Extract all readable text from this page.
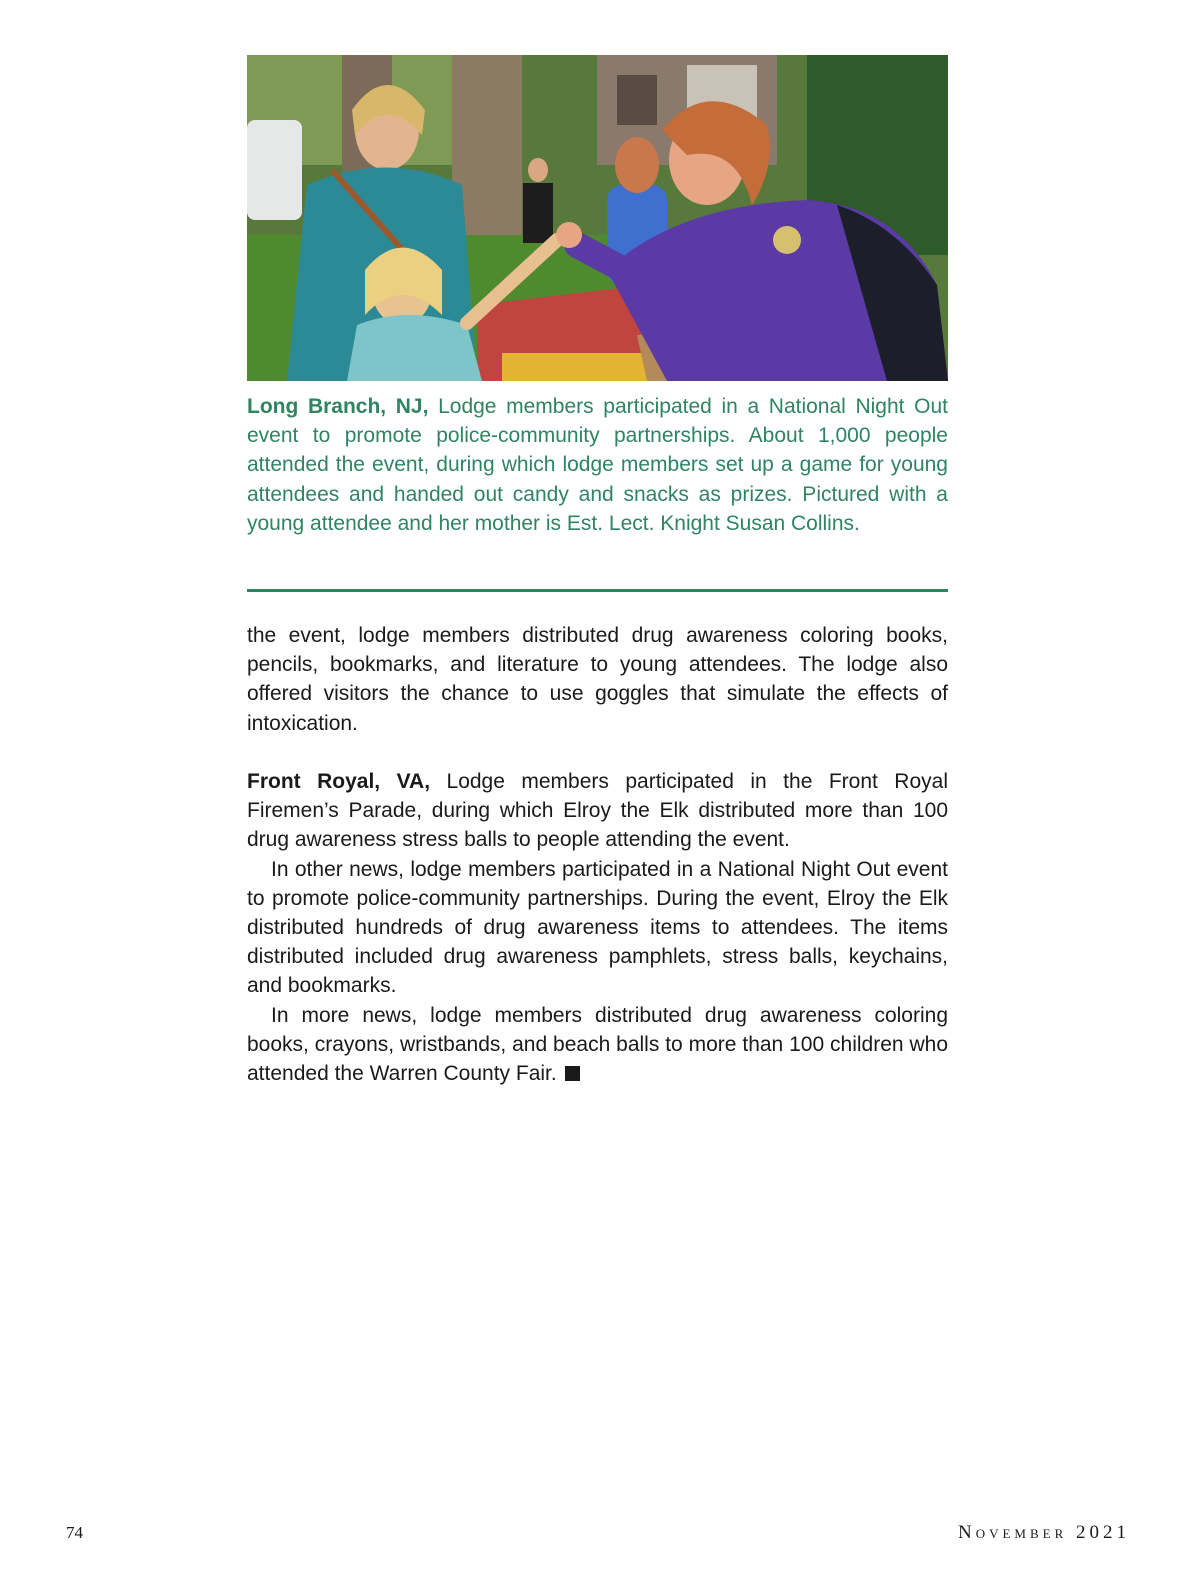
Long Branch, NJ, Lodge members participated in a National Night Out event to promote police-community partnerships. About 1,000 people attended the event, during which lodge members set up a game for young attendees and handed out candy and snacks as prizes. Pictured with a young attendee and her mother is Est. Lect. Knight Susan Collins.

the event, lodge members distributed drug awareness coloring books, pencils, bookmarks, and literature to young attendees. The lodge also offered visitors the chance to use goggles that simulate the effects of intoxication.

Front Royal, VA, Lodge members participated in the Front Royal Firemen’s Parade, during which Elroy the Elk distributed more than 100 drug awareness stress balls to people attending the event.

In other news, lodge members participated in a National Night Out event to promote police-community partnerships. During the event, Elroy the Elk distributed hundreds of drug awareness items to attendees. The items distributed included drug awareness pamphlets, stress balls, keychains, and bookmarks.

In more news, lodge members distributed drug awareness coloring books, crayons, wristbands, and beach balls to more than 100 children who attended the Warren County Fair.

74	November 2021
